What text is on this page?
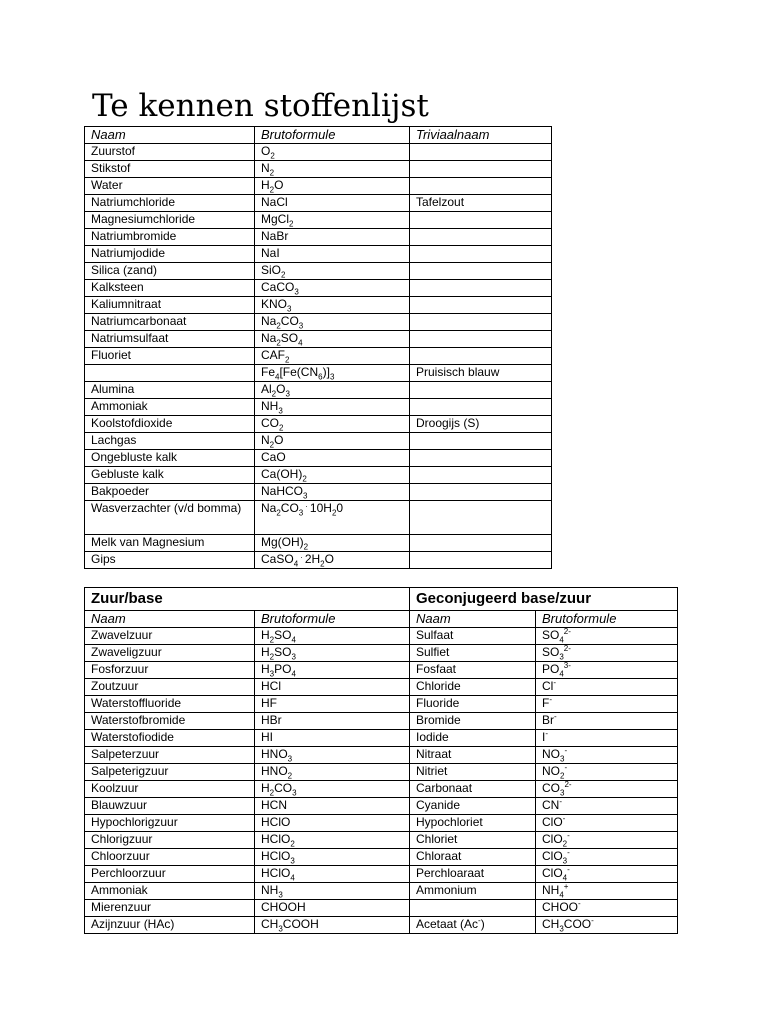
Te kennen stoffenlijst
Naam	Brutoformule	Triviaalnaam
Zuurstof	$O_2$	
Stikstof	$N_2$	
Water	$H_2O$	
Natriumchloride	NaCl	Tafelzout
Magnesiumchloride	MgCl$_2$	
Natriumbromide	NaBr	
Natriumjodide	NaI	
Silica (zand)	SiO$_2$	
Kalksteen	CaCO$_3$	
Kaliumnitraat	$KNO_3$	
Natriumcarbonaat	$Na_2CO_3$	
Natriumsulfaat	$Na_2SO_4$	
Fluoriet	$CAF_2$	
	$Fe_4[Fe(CN_6)]_3$	Pruisisch blauw
Alumina	$Al_2O_3$	
Ammoniak	$NH_3$	
Koolstofdioxide	$CO_2$	Droogijs (S)
Lachgas	$N_2O$	
Ongebluste kalk	CaO	
Gebluste kalk	$Ca(OH)_2$	
Bakpoeder	NaHCO$_3$	
Wasverzachter (v/d bomma)	$Na_2CO_3$ . $10H_20$	
Melk van Magnesium	$Mg(OH)_2$	
Gips	CaSO$_4$ . $2H_2O$	
Zuur/base		Geconjugeerd base/zuur	
Naam	Brutoformule	Naam	Brutoformule
Zwavelzuur	$H_2SO_4$	Sulfaat	$SO_4^{2-}$
Zwaveligzuur	$H_2SO_3$	Sulfiet	$SO_3^{2-}$
Fosforzuur	$H_3PO_4$	Fosfaat	$PO_4^{3-}$
Zoutzuur	HCl	Chloride	Cl-
Waterstoffluoride	HF	Fluoride	F-
Waterstofbromide	HBr	Bromide	Br-
Waterstofiodide	HI	Iodide	I-
Salpeterzuur	$HNO_3$	Nitraat	$NO_3^-$
Salpeterigzuur	$HNO_2$	Nitriet	$NO_2^-$
Koolzuur	$H_2CO_3$	Carbonaat	$CO_3^{2-}$
Blauwzuur	HCN	Cyanide	CN-
Hypochlorigzuur	HClO	Hypochloriet	ClO-
Chlorigzuur	HClO$_2$	Chloriet	ClO$_2$-
Chloorzuur	HClO$_3$	Chloraat	ClO$_3$-
Perchloorzuur	HClO$_4$	Perchloaraat	ClO$_4$-
Ammoniak	$NH_3$	Ammonium	$NH_4^+$
Mierenzuur	CHOOH		CHOO-
Azijnzuur (HAc)	$CH_3COOH$	Acetaat (Ac-)	$CH_3COO^-$
